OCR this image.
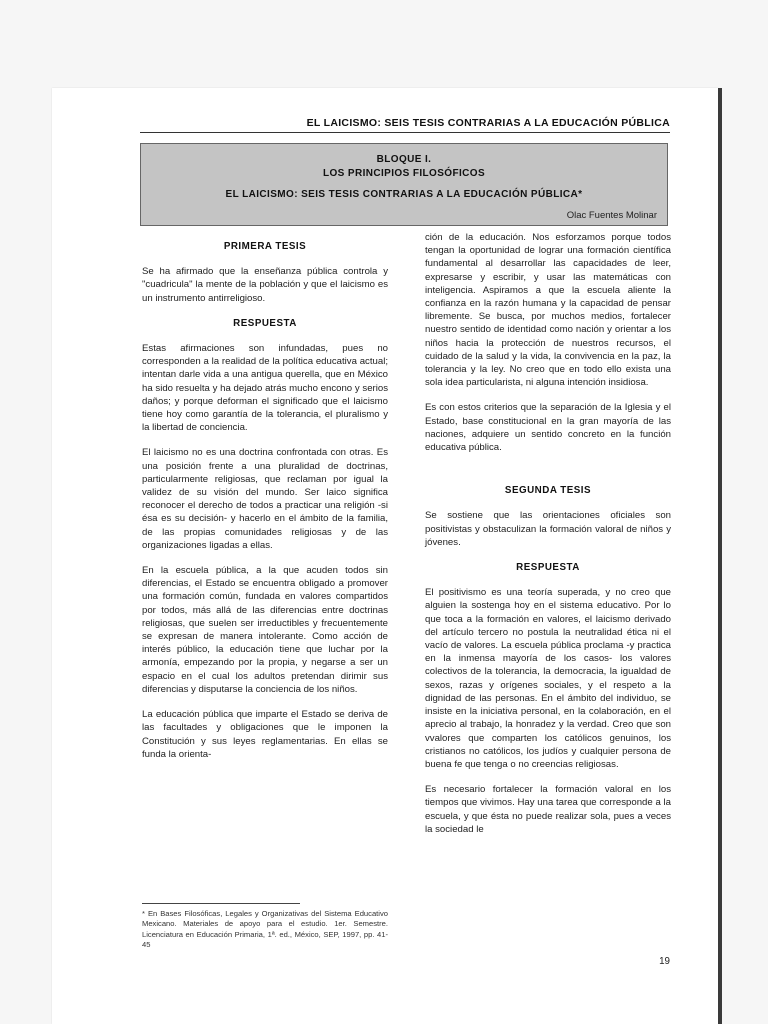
EL LAICISMO: SEIS TESIS CONTRARIAS A LA EDUCACIÓN PÚBLICA
BLOQUE I.
LOS PRINCIPIOS FILOSÓFICOS
EL LAICISMO: SEIS TESIS CONTRARIAS A LA EDUCACIÓN PÚBLICA*
Olac Fuentes Molinar
PRIMERA TESIS

Se ha afirmado que la enseñanza pública controla y "cuadricula" la mente de la población y que el laicismo es un instrumento antirreligioso.

RESPUESTA

Estas afirmaciones son infundadas, pues no corresponden a la realidad de la política educativa actual; intentan darle vida a una antigua querella, que en México ha sido resuelta y ha dejado atrás mucho encono y serios daños; y porque deforman el significado que el laicismo tiene hoy como garantía de la tolerancia, el pluralismo y la libertad de conciencia.

El laicismo no es una doctrina confrontada con otras. Es una posición frente a una pluralidad de doctrinas, particularmente religiosas, que reclaman por igual la validez de su visión del mundo. Ser laico significa reconocer el derecho de todos a practicar una religión -si ésa es su decisión- y hacerlo en el ámbito de la familia, de las propias comunidades religiosas y de las organizaciones ligadas a ellas.

En la escuela pública, a la que acuden todos sin diferencias, el Estado se encuentra obligado a promover una formación común, fundada en valores compartidos por todos, más allá de las diferencias entre doctrinas religiosas, que suelen ser irreductibles y frecuentemente se expresan de manera intolerante. Como acción de interés público, la educación tiene que luchar por la armonía, empezando por la propia, y negarse a ser un espacio en el cual los adultos pretendan dirimir sus diferencias y disputarse la conciencia de los niños.

La educación pública que imparte el Estado se deriva de las facultades y obligaciones que le imponen la Constitución y sus leyes reglamentarias. En ellas se funda la orienta-

* En Bases Filosóficas, Legales y Organizativas del Sistema Educativo Mexicano. Materiales de apoyo para el estudio. 1er. Semestre. Licenciatura en Educación Primaria, 1ª. ed., México, SEP, 1997, pp. 41-45

ción de la educación. Nos esforzamos porque todos tengan la oportunidad de lograr una formación científica fundamental al desarrollar las capacidades de leer, expresarse y escribir, y usar las matemáticas con inteligencia. Aspiramos a que la escuela aliente la confianza en la razón humana y la capacidad de pensar libremente. Se busca, por muchos medios, fortalecer nuestro sentido de identidad como nación y orientar a los niños hacia la protección de nuestros recursos, el cuidado de la salud y la vida, la convivencia en la paz, la tolerancia y la ley. No creo que en todo ello exista una sola idea particularista, ni alguna intención insidiosa.

Es con estos criterios que la separación de la Iglesia y el Estado, base constitucional en la gran mayoría de las naciones, adquiere un sentido concreto en la función educativa pública.

SEGUNDA TESIS

Se sostiene que las orientaciones oficiales son positivistas y obstaculizan la formación valoral de niños y jóvenes.

RESPUESTA

El positivismo es una teoría superada, y no creo que alguien la sostenga hoy en el sistema educativo. Por lo que toca a la formación en valores, el laicismo derivado del artículo tercero no postula la neutralidad ética ni el vacío de valores. La escuela pública proclama -y practica en la inmensa mayoría de los casos- los valores colectivos de la tolerancia, la democracia, la igualdad de sexos, razas y orígenes sociales, y el respeto a la dignidad de las personas. En el ámbito del individuo, se insiste en la iniciativa personal, en la colaboración, en el aprecio al trabajo, la honradez y la verdad. Creo que son vvalores que comparten los católicos genuinos, los cristianos no católicos, los judíos y cualquier persona de buena fe que tenga o no creencias religiosas.

Es necesario fortalecer la formación valoral en los tiempos que vivimos. Hay una tarea que corresponde a la escuela, y que ésta no puede realizar sola, pues a veces la sociedad le

19
